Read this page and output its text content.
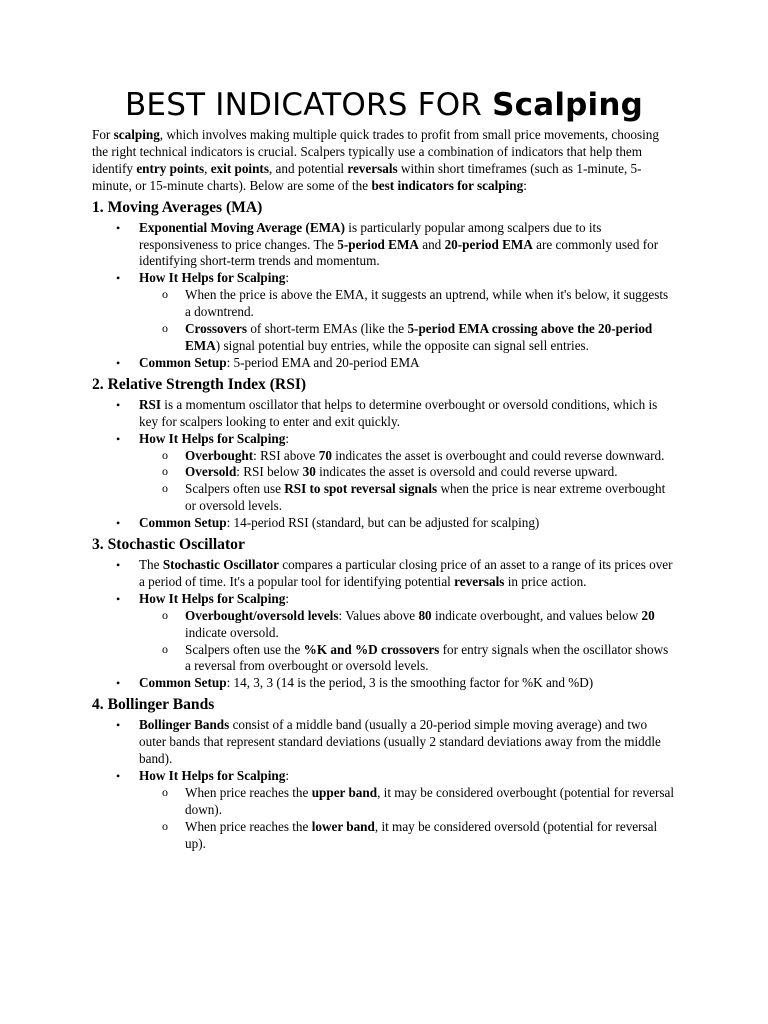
BEST INDICATORS FOR Scalping

For scalping, which involves making multiple quick trades to profit from small price movements, choosing the right technical indicators is crucial. Scalpers typically use a combination of indicators that help them identify entry points, exit points, and potential reversals within short timeframes (such as 1-minute, 5-minute, or 15-minute charts). Below are some of the best indicators for scalping:

1. Moving Averages (MA)
• Exponential Moving Average (EMA) is particularly popular among scalpers due to its responsiveness to price changes. The 5-period EMA and 20-period EMA are commonly used for identifying short-term trends and momentum.
• How It Helps for Scalping:
o When the price is above the EMA, it suggests an uptrend, while when it's below, it suggests a downtrend.
o Crossovers of short-term EMAs (like the 5-period EMA crossing above the 20-period EMA) signal potential buy entries, while the opposite can signal sell entries.
• Common Setup: 5-period EMA and 20-period EMA
2. Relative Strength Index (RSI)
• RSI is a momentum oscillator that helps to determine overbought or oversold conditions, which is key for scalpers looking to enter and exit quickly.
• How It Helps for Scalping:
o Overbought: RSI above 70 indicates the asset is overbought and could reverse downward.
o Oversold: RSI below 30 indicates the asset is oversold and could reverse upward.
o Scalpers often use RSI to spot reversal signals when the price is near extreme overbought or oversold levels.
• Common Setup: 14-period RSI (standard, but can be adjusted for scalping)
3. Stochastic Oscillator
• The Stochastic Oscillator compares a particular closing price of an asset to a range of its prices over a period of time. It's a popular tool for identifying potential reversals in price action.
• How It Helps for Scalping:
o Overbought/oversold levels: Values above 80 indicate overbought, and values below 20 indicate oversold.
o Scalpers often use the %K and %D crossovers for entry signals when the oscillator shows a reversal from overbought or oversold levels.
• Common Setup: 14, 3, 3 (14 is the period, 3 is the smoothing factor for %K and %D)
4. Bollinger Bands
• Bollinger Bands consist of a middle band (usually a 20-period simple moving average) and two outer bands that represent standard deviations (usually 2 standard deviations away from the middle band).
• How It Helps for Scalping:
o When price reaches the upper band, it may be considered overbought (potential for reversal down).
o When price reaches the lower band, it may be considered oversold (potential for reversal up).
